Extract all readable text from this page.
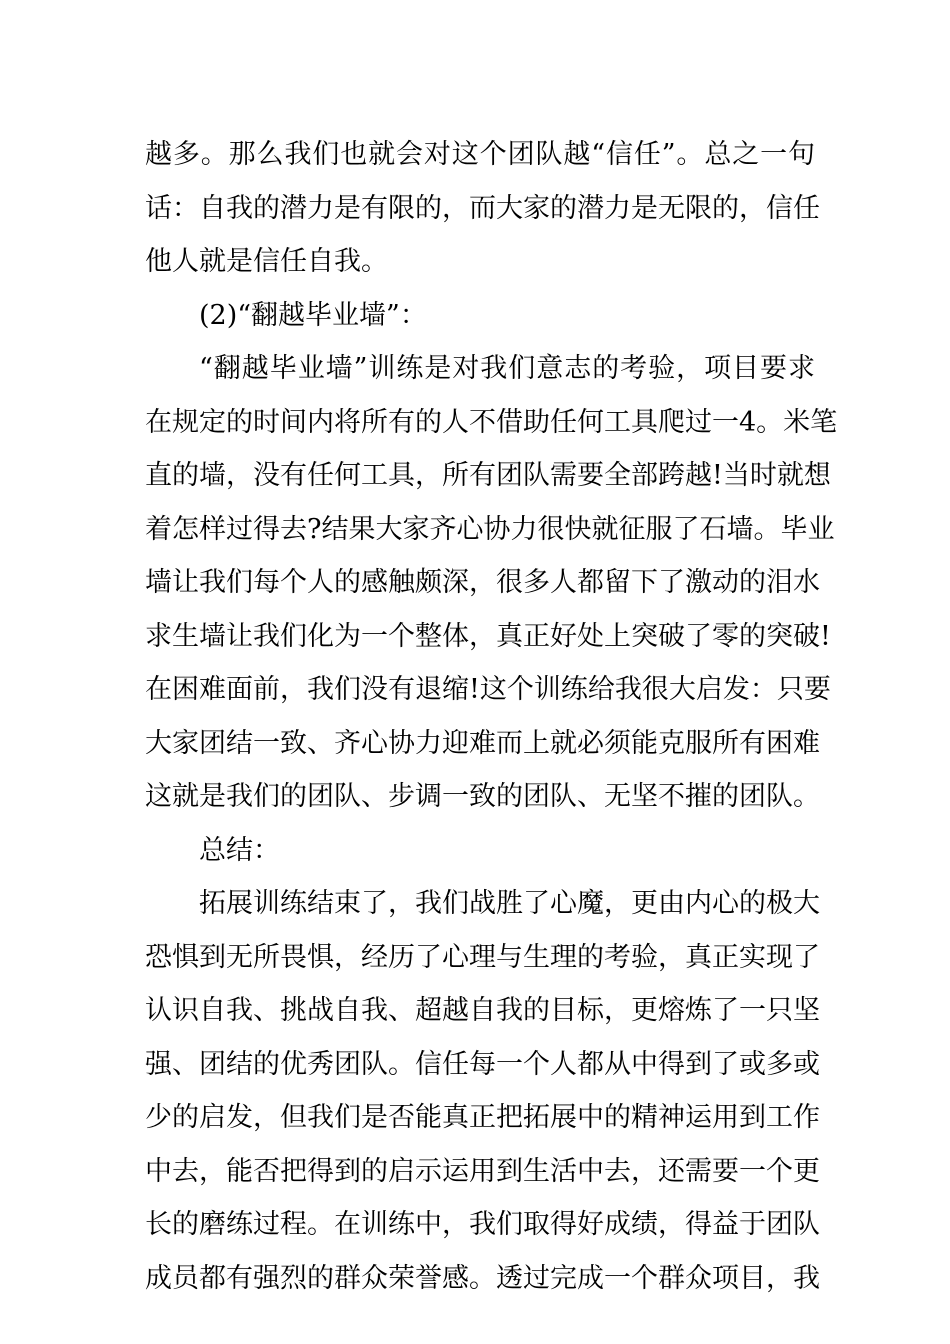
越多。那么我们也就会对这个团队越“信任”。总之一句
话：自我的潜力是有限的，而大家的潜力是无限的，信任
他人就是信任自我。
(2)“翻越毕业墙”：
“翻越毕业墙”训练是对我们意志的考验，项目要求
在规定的时间内将所有的人不借助任何工具爬过一4。米笔
直的墙，没有任何工具，所有团队需要全部跨越!当时就想
着怎样过得去?结果大家齐心协力很快就征服了石墙。毕业
墙让我们每个人的感触颇深，很多人都留下了激动的泪水
求生墙让我们化为一个整体，真正好处上突破了零的突破!
在困难面前，我们没有退缩!这个训练给我很大启发：只要
大家团结一致、齐心协力迎难而上就必须能克服所有困难
这就是我们的团队、步调一致的团队、无坚不摧的团队。
总结：
拓展训练结束了，我们战胜了心魔，更由内心的极大
恐惧到无所畏惧，经历了心理与生理的考验，真正实现了
认识自我、挑战自我、超越自我的目标，更熔炼了一只坚
强、团结的优秀团队。信任每一个人都从中得到了或多或
少的启发，但我们是否能真正把拓展中的精神运用到工作
中去，能否把得到的启示运用到生活中去，还需要一个更
长的磨练过程。在训练中，我们取得好成绩，得益于团队
成员都有强烈的群众荣誉感。透过完成一个群众项目，我
